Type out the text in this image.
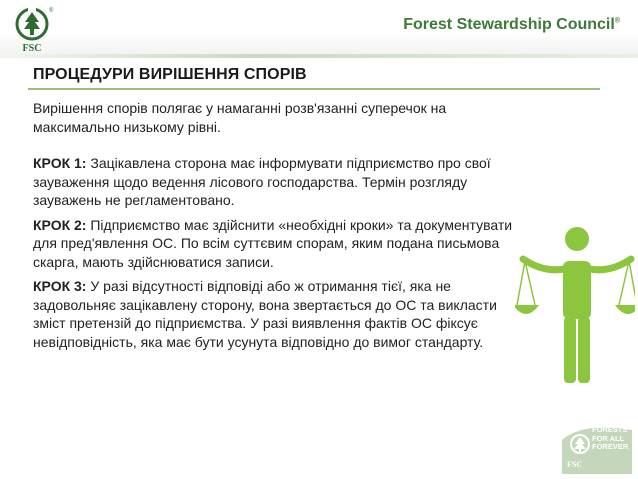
FSC
®
Forest Stewardship Council®
ПРОЦЕДУРИ ВИРІШЕННЯ СПОРІВ

Вирішення спорів полягає у намаганні розв'язанні суперечок на максимально низькому рівні.

КРОК 1: Зацікавлена сторона має інформувати підприємство про свої зауваження щодо ведення лісового господарства. Термін розгляду зауважень не регламентовано.

КРОК 2: Підприємство має здійснити «необхідні кроки» та документувати для пред'явлення ОС. По всім суттєвим спорам, яким подана письмова скарга, мають здійснюватися записи.

КРОК 3: У разі відсутності відповіді або ж отримання тієї, яка не задовольняє зацікавлену сторону, вона звертається до ОС та викласти зміст претензій до підприємства. У разі виявлення фактів ОС фіксує невідповідність, яка має бути усунута відповідно до вимог стандарту.

FORESTS
FOR ALL
FOREVER
FSC
